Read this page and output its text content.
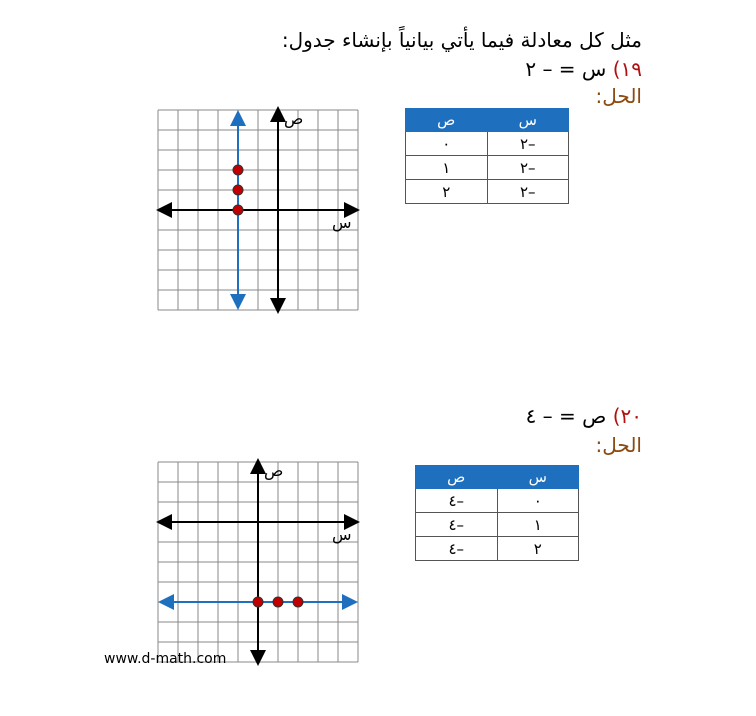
مثل كل معادلة فيما يأتي بيانياً بإنشاء جدول:
١٩) س = – ٢
الحل:
س	ص
–٢	٠
–٢	١
–٢	٢
س
ص
٢٠) ص = – ٤
الحل:
س	ص
٠	–٤
١	–٤
٢	–٤
س
ص
www.d-math.com
